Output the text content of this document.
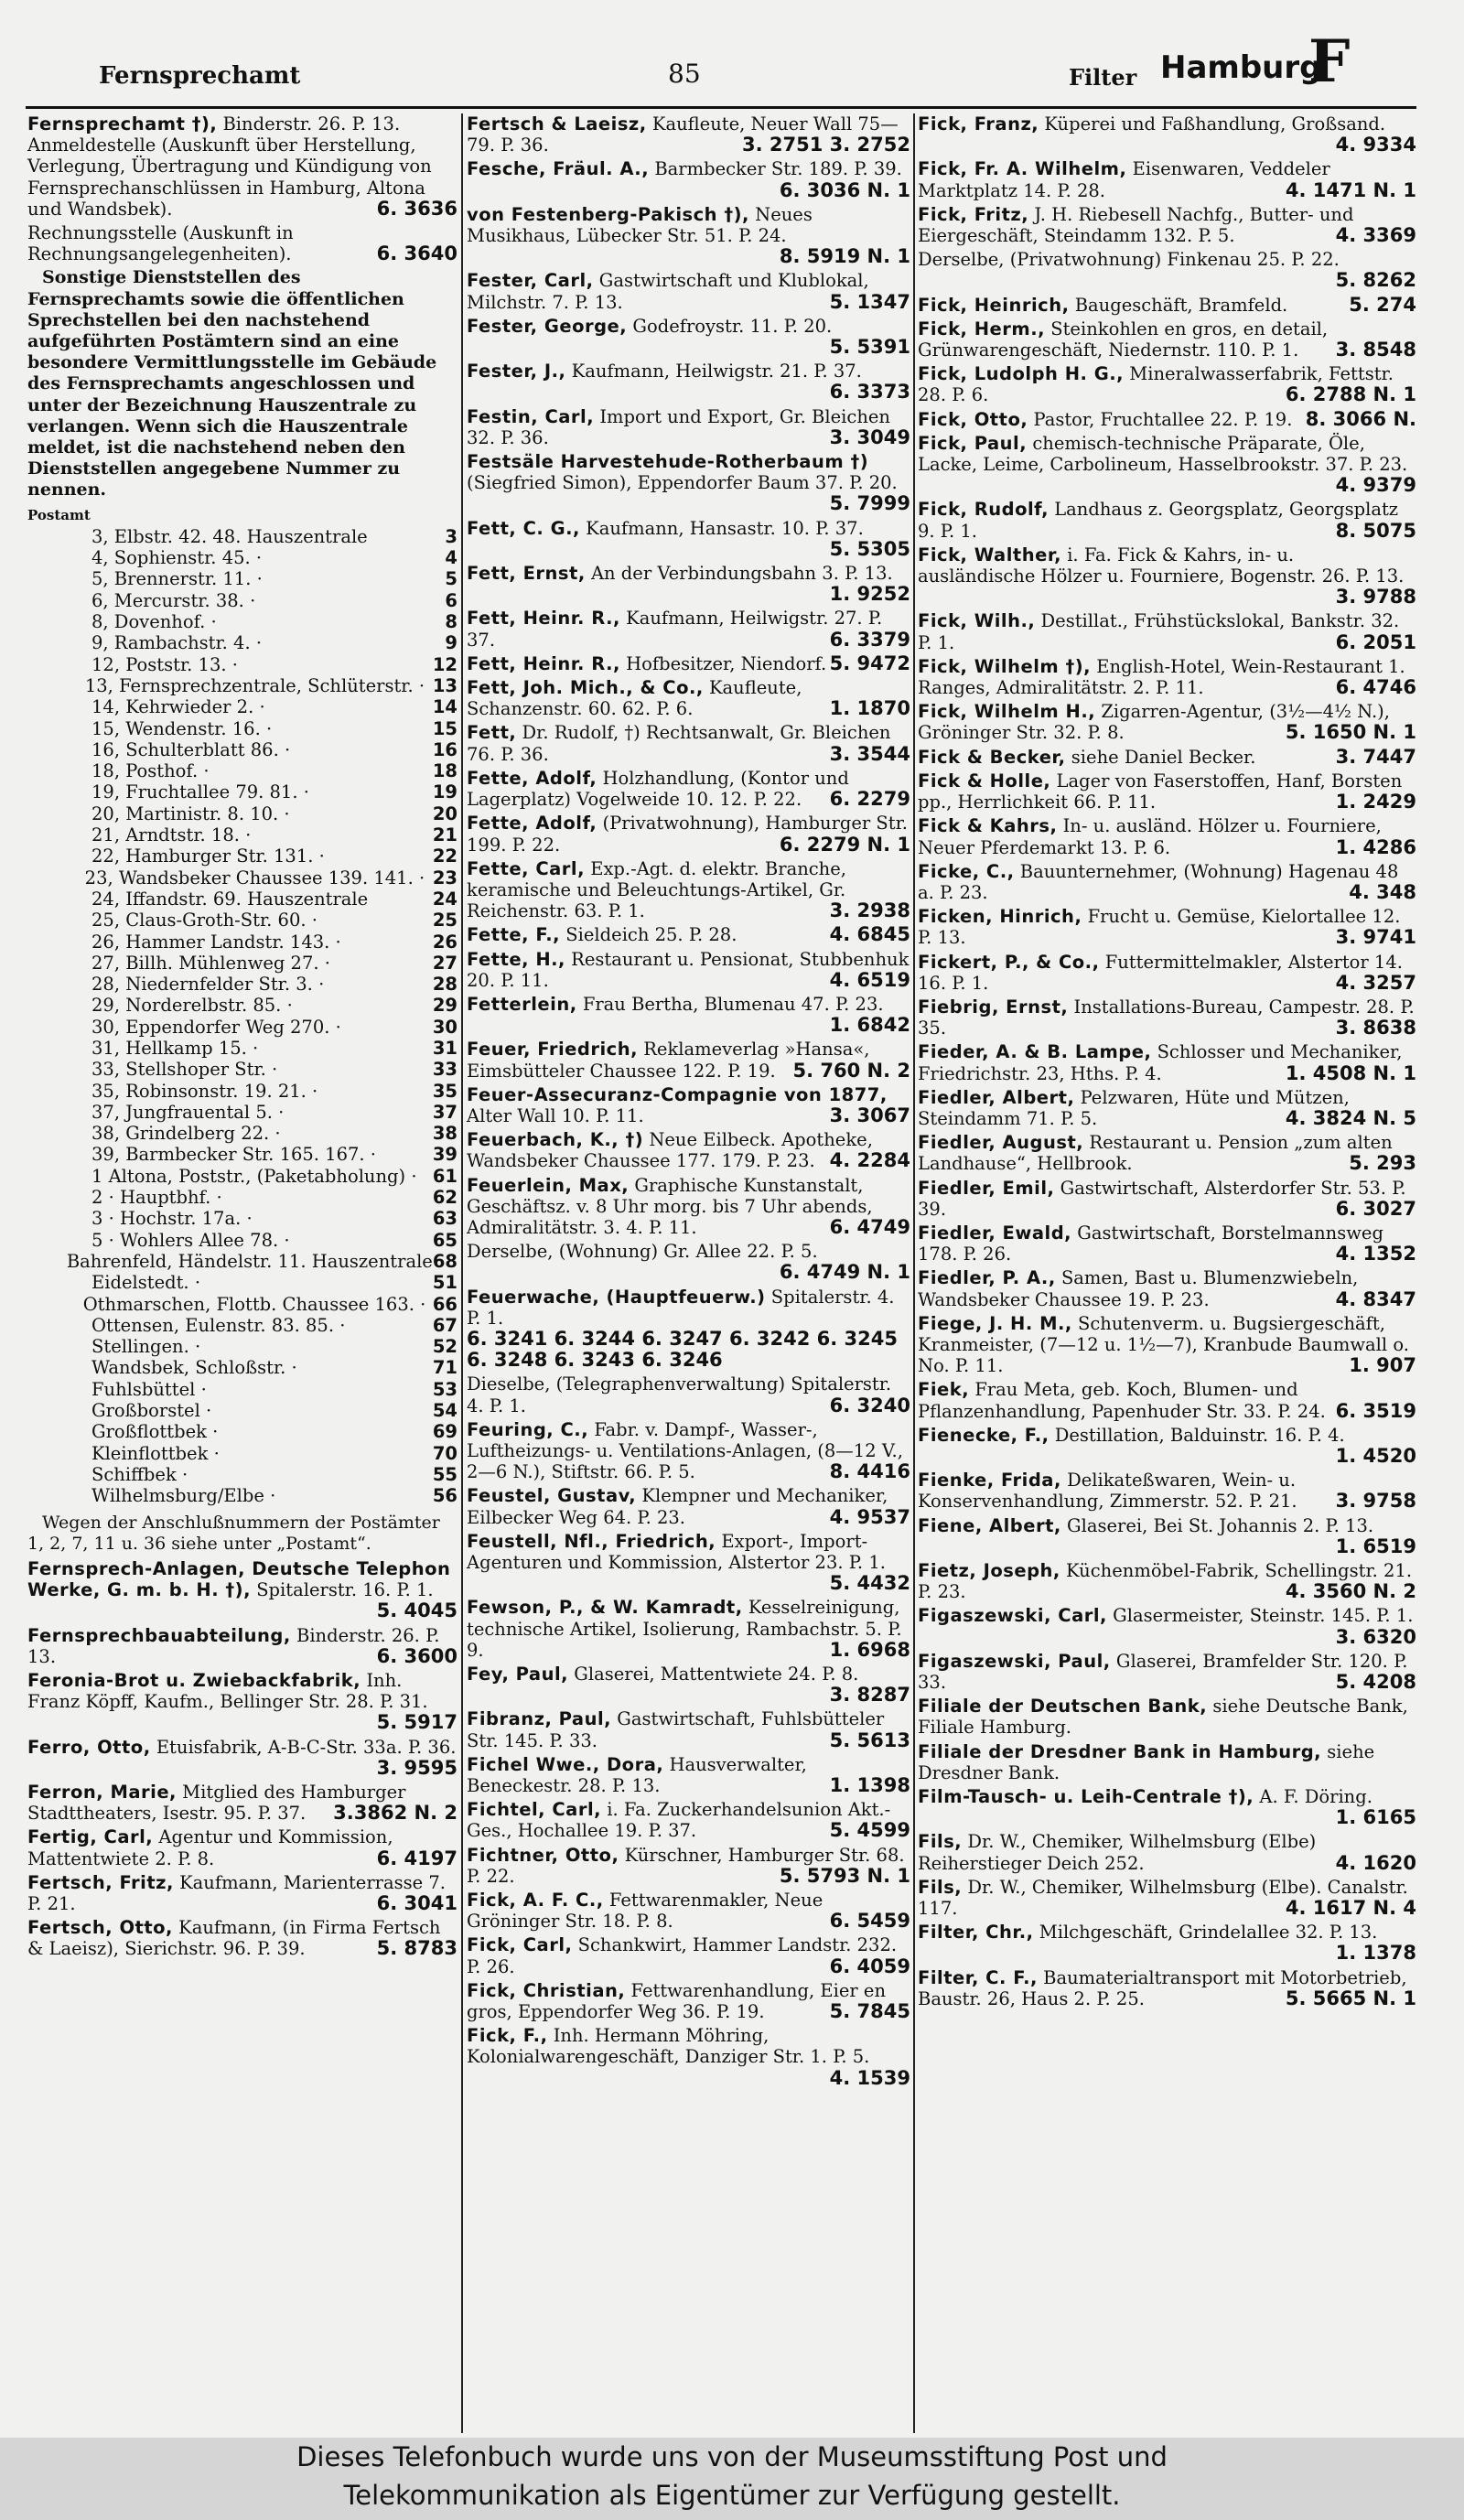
Fernsprechamt	85	Filter Hamburg
F
Fernsprechamt †), Binderstr. 26. P. 13. Anmeldestelle (Auskunft über Herstellung, Verlegung, Übertragung und Kündigung von Fernsprechanschlüssen in Hamburg, Altona und Wandsbek).	6. 3636
Rechnungsstelle (Auskunft in Rechnungsangelegenheiten).	6. 3640
Sonstige Dienststellen des Fernsprechamts sowie die öffentlichen Sprechstellen bei den nachstehend aufgeführten Postämtern sind an eine besondere Vermittlungsstelle im Gebäude des Fernsprechamts angeschlossen und unter der Bezeichnung Hauszentrale zu verlangen. Wenn sich die Hauszentrale meldet, ist die nachstehend neben den Dienststellen angegebene Nummer zu nennen.
Postamt
3, Elbstr. 42. 48. Hauszentrale	3
4, Sophienstr. 45. ·	4
5, Brennerstr. 11. ·	5
6, Mercurstr. 38. ·	6
8, Dovenhof. ·	8
9, Rambachstr. 4. ·	9
12, Poststr. 13. ·	12
13, Fernsprechzentrale, Schlüterstr. · 13
14, Kehrwieder 2. ·	14
15, Wendenstr. 16. ·	15
16, Schulterblatt 86. ·	16
18, Posthof. ·	18
19, Fruchtallee 79. 81. ·	19
20, Martinistr. 8. 10. ·	20
21, Arndtstr. 18. ·	21
22, Hamburger Str. 131. ·	22
23, Wandsbeker Chaussee 139. 141. · 23
24, Iffandstr. 69. Hauszentrale	24
25, Claus-Groth-Str. 60. ·	25
26, Hammer Landstr. 143. ·	26
27, Billh. Mühlenweg 27. ·	27
28, Niedernfelder Str. 3. ·	28
29, Norderelbstr. 85. ·	29
30, Eppendorfer Weg 270. ·	30
31, Hellkamp 15. ·	31
33, Stellshoper Str. ·	33
35, Robinsonstr. 19. 21. ·	35
37, Jungfrauental 5. ·	37
38, Grindelberg 22. ·	38
39, Barmbecker Str. 165. 167. ·	39
1 Altona, Poststr., (Paketabholung) · 61
2 · Hauptbhf. ·	62
3 · Hochstr. 17a. ·	63
5 · Wohlers Allee 78. ·	65
Bahrenfeld, Händelstr. 11. Hauszentrale 68
Eidelstedt. ·	51
Othmarschen, Flottb. Chaussee 163. · 66
Ottensen, Eulenstr. 83. 85. ·	67
Stellingen. ·	52
Wandsbek, Schloßstr. ·	71
Fuhlsbüttel ·	53
Großborstel ·	54
Großflottbek ·	69
Kleinflottbek ·	70
Schiffbek ·	55
Wilhelmsburg/Elbe ·	56
Wegen der Anschlußnummern der Postämter 1, 2, 7, 11 u. 36 siehe unter „Postamt“.
Fernsprech-Anlagen, Deutsche Telephon Werke, G. m. b. H. †), Spitalerstr. 16. P. 1.
5. 4045
Fernsprechbauabteilung, Binderstr. 26. P. 13.	6. 3600
Feronia-Brot u. Zwiebackfabrik, Inh. Franz Köpff, Kaufm., Bellinger Str. 28. P. 31.
5. 5917
Ferro, Otto, Etuisfabrik, A-B-C-Str. 33a. P. 36.
3. 9595
Ferron, Marie, Mitglied des Hamburger Stadttheaters, Isestr. 95. P. 37. 3.3862 N. 2
Fertig, Carl, Agentur und Kommission, Mattentwiete 2. P. 8.	6. 4197
Fertsch, Fritz, Kaufmann, Marienterrasse 7. P. 21.	6. 3041
Fertsch, Otto, Kaufmann, (in Firma Fertsch & Laeisz), Sierichstr. 96. P. 39.	5. 8783
Fertsch & Laeisz, Kaufleute, Neuer Wall 75—79. P. 36.	3. 2751 3. 2752
Fesche, Fräul. A., Barmbecker Str. 189. P. 39.
6. 3036 N. 1
von Festenberg-Pakisch †), Neues Musikhaus, Lübecker Str. 51. P. 24.
8. 5919 N. 1
Fester, Carl, Gastwirtschaft und Klublokal, Milchstr. 7. P. 13.	5. 1347
Fester, George, Godefroystr. 11. P. 20.
5. 5391
Fester, J., Kaufmann, Heilwigstr. 21. P. 37.
6. 3373
Festin, Carl, Import und Export, Gr. Bleichen 32. P. 36.	3. 3049
Festsäle Harvestehude-Rotherbaum †) (Siegfried Simon), Eppendorfer Baum 37. P. 20.
5. 7999
Fett, C. G., Kaufmann, Hansastr. 10. P. 37.
5. 5305
Fett, Ernst, An der Verbindungsbahn 3. P. 13.
1. 9252
Fett, Heinr. R., Kaufmann, Heilwigstr. 27. P. 37.	6. 3379
Fett, Heinr. R., Hofbesitzer, Niendorf. 5. 9472
Fett, Joh. Mich., & Co., Kaufleute, Schanzenstr. 60. 62. P. 6.	1. 1870
Fett, Dr. Rudolf, †) Rechtsanwalt, Gr. Bleichen 76. P. 36.	3. 3544
Fette, Adolf, Holzhandlung, (Kontor und Lagerplatz) Vogelweide 10. 12. P. 22. 6. 2279
Fette, Adolf, (Privatwohnung), Hamburger Str. 199. P. 22.	6. 2279 N. 1
Fette, Carl, Exp.-Agt. d. elektr. Branche, keramische und Beleuchtungs-Artikel, Gr. Reichenstr. 63. P. 1.	3. 2938
Fette, F., Sieldeich 25. P. 28.	4. 6845
Fette, H., Restaurant u. Pensionat, Stubbenhuk 20. P. 11.	4. 6519
Fetterlein, Frau Bertha, Blumenau 47. P. 23.
1. 6842
Feuer, Friedrich, Reklameverlag »Hansa«, Eimsbütteler Chaussee 122. P. 19. 5. 760 N. 2
Feuer-Assecuranz-Compagnie von 1877, Alter Wall 10. P. 11.	3. 3067
Feuerbach, K., †) Neue Eilbeck. Apotheke, Wandsbeker Chaussee 177. 179. P. 23. 4. 2284
Feuerlein, Max, Graphische Kunstanstalt, Geschäftsz. v. 8 Uhr morg. bis 7 Uhr abends, Admiralitätstr. 3. 4. P. 11.	6. 4749
Derselbe, (Wohnung) Gr. Allee 22. P. 5.
6. 4749 N. 1
Feuerwache, (Hauptfeuerw.) Spitalerstr. 4. P. 1.
6. 3241 6. 3244 6. 3247 6. 3242 6. 3245 6. 3248 6. 3243 6. 3246
Dieselbe, (Telegraphenverwaltung) Spitalerstr. 4. P. 1.	6. 3240
Feuring, C., Fabr. v. Dampf-, Wasser-, Luftheizungs- u. Ventilations-Anlagen, (8—12 V., 2—6 N.), Stiftstr. 66. P. 5.	8. 4416
Feustel, Gustav, Klempner und Mechaniker, Eilbecker Weg 64. P. 23.	4. 9537
Feustell, Nfl., Friedrich, Export-, Import-Agenturen und Kommission, Alstertor 23. P. 1.
5. 4432
Fewson, P., & W. Kamradt, Kesselreinigung, technische Artikel, Isolierung, Rambachstr. 5. P. 9.	1. 6968
Fey, Paul, Glaserei, Mattentwiete 24. P. 8.
3. 8287
Fibranz, Paul, Gastwirtschaft, Fuhlsbütteler Str. 145. P. 33.	5. 5613
Fichel Wwe., Dora, Hausverwalter, Beneckestr. 28. P. 13.	1. 1398
Fichtel, Carl, i. Fa. Zuckerhandelsunion Akt.-Ges., Hochallee 19. P. 37.	5. 4599
Fichtner, Otto, Kürschner, Hamburger Str. 68. P. 22.	5. 5793 N. 1
Fick, A. F. C., Fettwarenmakler, Neue Gröninger Str. 18. P. 8.	6. 5459
Fick, Carl, Schankwirt, Hammer Landstr. 232. P. 26.	6. 4059
Fick, Christian, Fettwarenhandlung, Eier en gros, Eppendorfer Weg 36. P. 19.	5. 7845
Fick, F., Inh. Hermann Möhring, Kolonialwarengeschäft, Danziger Str. 1. P. 5.
4. 1539
Fick, Franz, Küperei und Faßhandlung, Großsand.
4. 9334
Fick, Fr. A. Wilhelm, Eisenwaren, Veddeler Marktplatz 14. P. 28.	4. 1471 N. 1
Fick, Fritz, J. H. Riebesell Nachfg., Butter- und Eiergeschäft, Steindamm 132. P. 5.	4. 3369
Derselbe, (Privatwohnung) Finkenau 25. P. 22.
5. 8262
Fick, Heinrich, Baugeschäft, Bramfeld.	5. 274
Fick, Herm., Steinkohlen en gros, en detail, Grünwarengeschäft, Niedernstr. 110. P. 1. 3. 8548
Fick, Ludolph H. G., Mineralwasserfabrik, Fettstr. 28. P. 6.	6. 2788 N. 1
Fick, Otto, Pastor, Fruchtallee 22. P. 19. 8. 3066 N.
Fick, Paul, chemisch-technische Präparate, Öle, Lacke, Leime, Carbolineum, Hasselbrookstr. 37. P. 23.
4. 9379
Fick, Rudolf, Landhaus z. Georgsplatz, Georgsplatz 9. P. 1.	8. 5075
Fick, Walther, i. Fa. Fick & Kahrs, in- u. ausländische Hölzer u. Fourniere, Bogenstr. 26. P. 13.
3. 9788
Fick, Wilh., Destillat., Frühstückslokal, Bankstr. 32. P. 1.	6. 2051
Fick, Wilhelm †), English-Hotel, Wein-Restaurant 1. Ranges, Admiralitätstr. 2. P. 11.	6. 4746
Fick, Wilhelm H., Zigarren-Agentur, (3½—4½ N.), Gröninger Str. 32. P. 8.	5. 1650 N. 1
Fick & Becker, siehe Daniel Becker.	3. 7447
Fick & Holle, Lager von Faserstoffen, Hanf, Borsten pp., Herrlichkeit 66. P. 11.	1. 2429
Fick & Kahrs, In- u. ausländ. Hölzer u. Fourniere, Neuer Pferdemarkt 13. P. 6.	1. 4286
Ficke, C., Bauunternehmer, (Wohnung) Hagenau 48 a. P. 23.	4. 348
Ficken, Hinrich, Frucht u. Gemüse, Kielortallee 12. P. 13.	3. 9741
Fickert, P., & Co., Futtermittelmakler, Alstertor 14. 16. P. 1.	4. 3257
Fiebrig, Ernst, Installations-Bureau, Campestr. 28. P. 35.	3. 8638
Fieder, A. & B. Lampe, Schlosser und Mechaniker, Friedrichstr. 23, Hths. P. 4.	1. 4508 N. 1
Fiedler, Albert, Pelzwaren, Hüte und Mützen, Steindamm 71. P. 5.	4. 3824 N. 5
Fiedler, August, Restaurant u. Pension „zum alten Landhause“, Hellbrook.	5. 293
Fiedler, Emil, Gastwirtschaft, Alsterdorfer Str. 53. P. 39.	6. 3027
Fiedler, Ewald, Gastwirtschaft, Borstelmannsweg 178. P. 26.	4. 1352
Fiedler, P. A., Samen, Bast u. Blumenzwiebeln, Wandsbeker Chaussee 19. P. 23.	4. 8347
Fiege, J. H. M., Schutenverm. u. Bugsiergeschäft, Kranmeister, (7—12 u. 1½—7), Kranbude Baumwall o. No. P. 11.	1. 907
Fiek, Frau Meta, geb. Koch, Blumen- und Pflanzenhandlung, Papenhuder Str. 33. P. 24. 6. 3519
Fienecke, F., Destillation, Balduinstr. 16. P. 4.
1. 4520
Fienke, Frida, Delikateßwaren, Wein- u. Konservenhandlung, Zimmerstr. 52. P. 21. 3. 9758
Fiene, Albert, Glaserei, Bei St. Johannis 2. P. 13.
1. 6519
Fietz, Joseph, Küchenmöbel-Fabrik, Schellingstr. 21. P. 23.	4. 3560 N. 2
Figaszewski, Carl, Glasermeister, Steinstr. 145. P. 1.
3. 6320
Figaszewski, Paul, Glaserei, Bramfelder Str. 120. P. 33.	5. 4208
Filiale der Deutschen Bank, siehe Deutsche Bank, Filiale Hamburg.
Filiale der Dresdner Bank in Hamburg, siehe Dresdner Bank.
Film-Tausch- u. Leih-Centrale †), A. F. Döring.
1. 6165
Fils, Dr. W., Chemiker, Wilhelmsburg (Elbe) Reiherstieger Deich 252.	4. 1620
Fils, Dr. W., Chemiker, Wilhelmsburg (Elbe). Canalstr. 117.	4. 1617 N. 4
Filter, Chr., Milchgeschäft, Grindelallee 32. P. 13.
1. 1378
Filter, C. F., Baumaterialtransport mit Motorbetrieb, Baustr. 26, Haus 2. P. 25.	5. 5665 N. 1
Dieses Telefonbuch wurde uns von der Museumsstiftung Post und
Telekommunikation als Eigentümer zur Verfügung gestellt.
